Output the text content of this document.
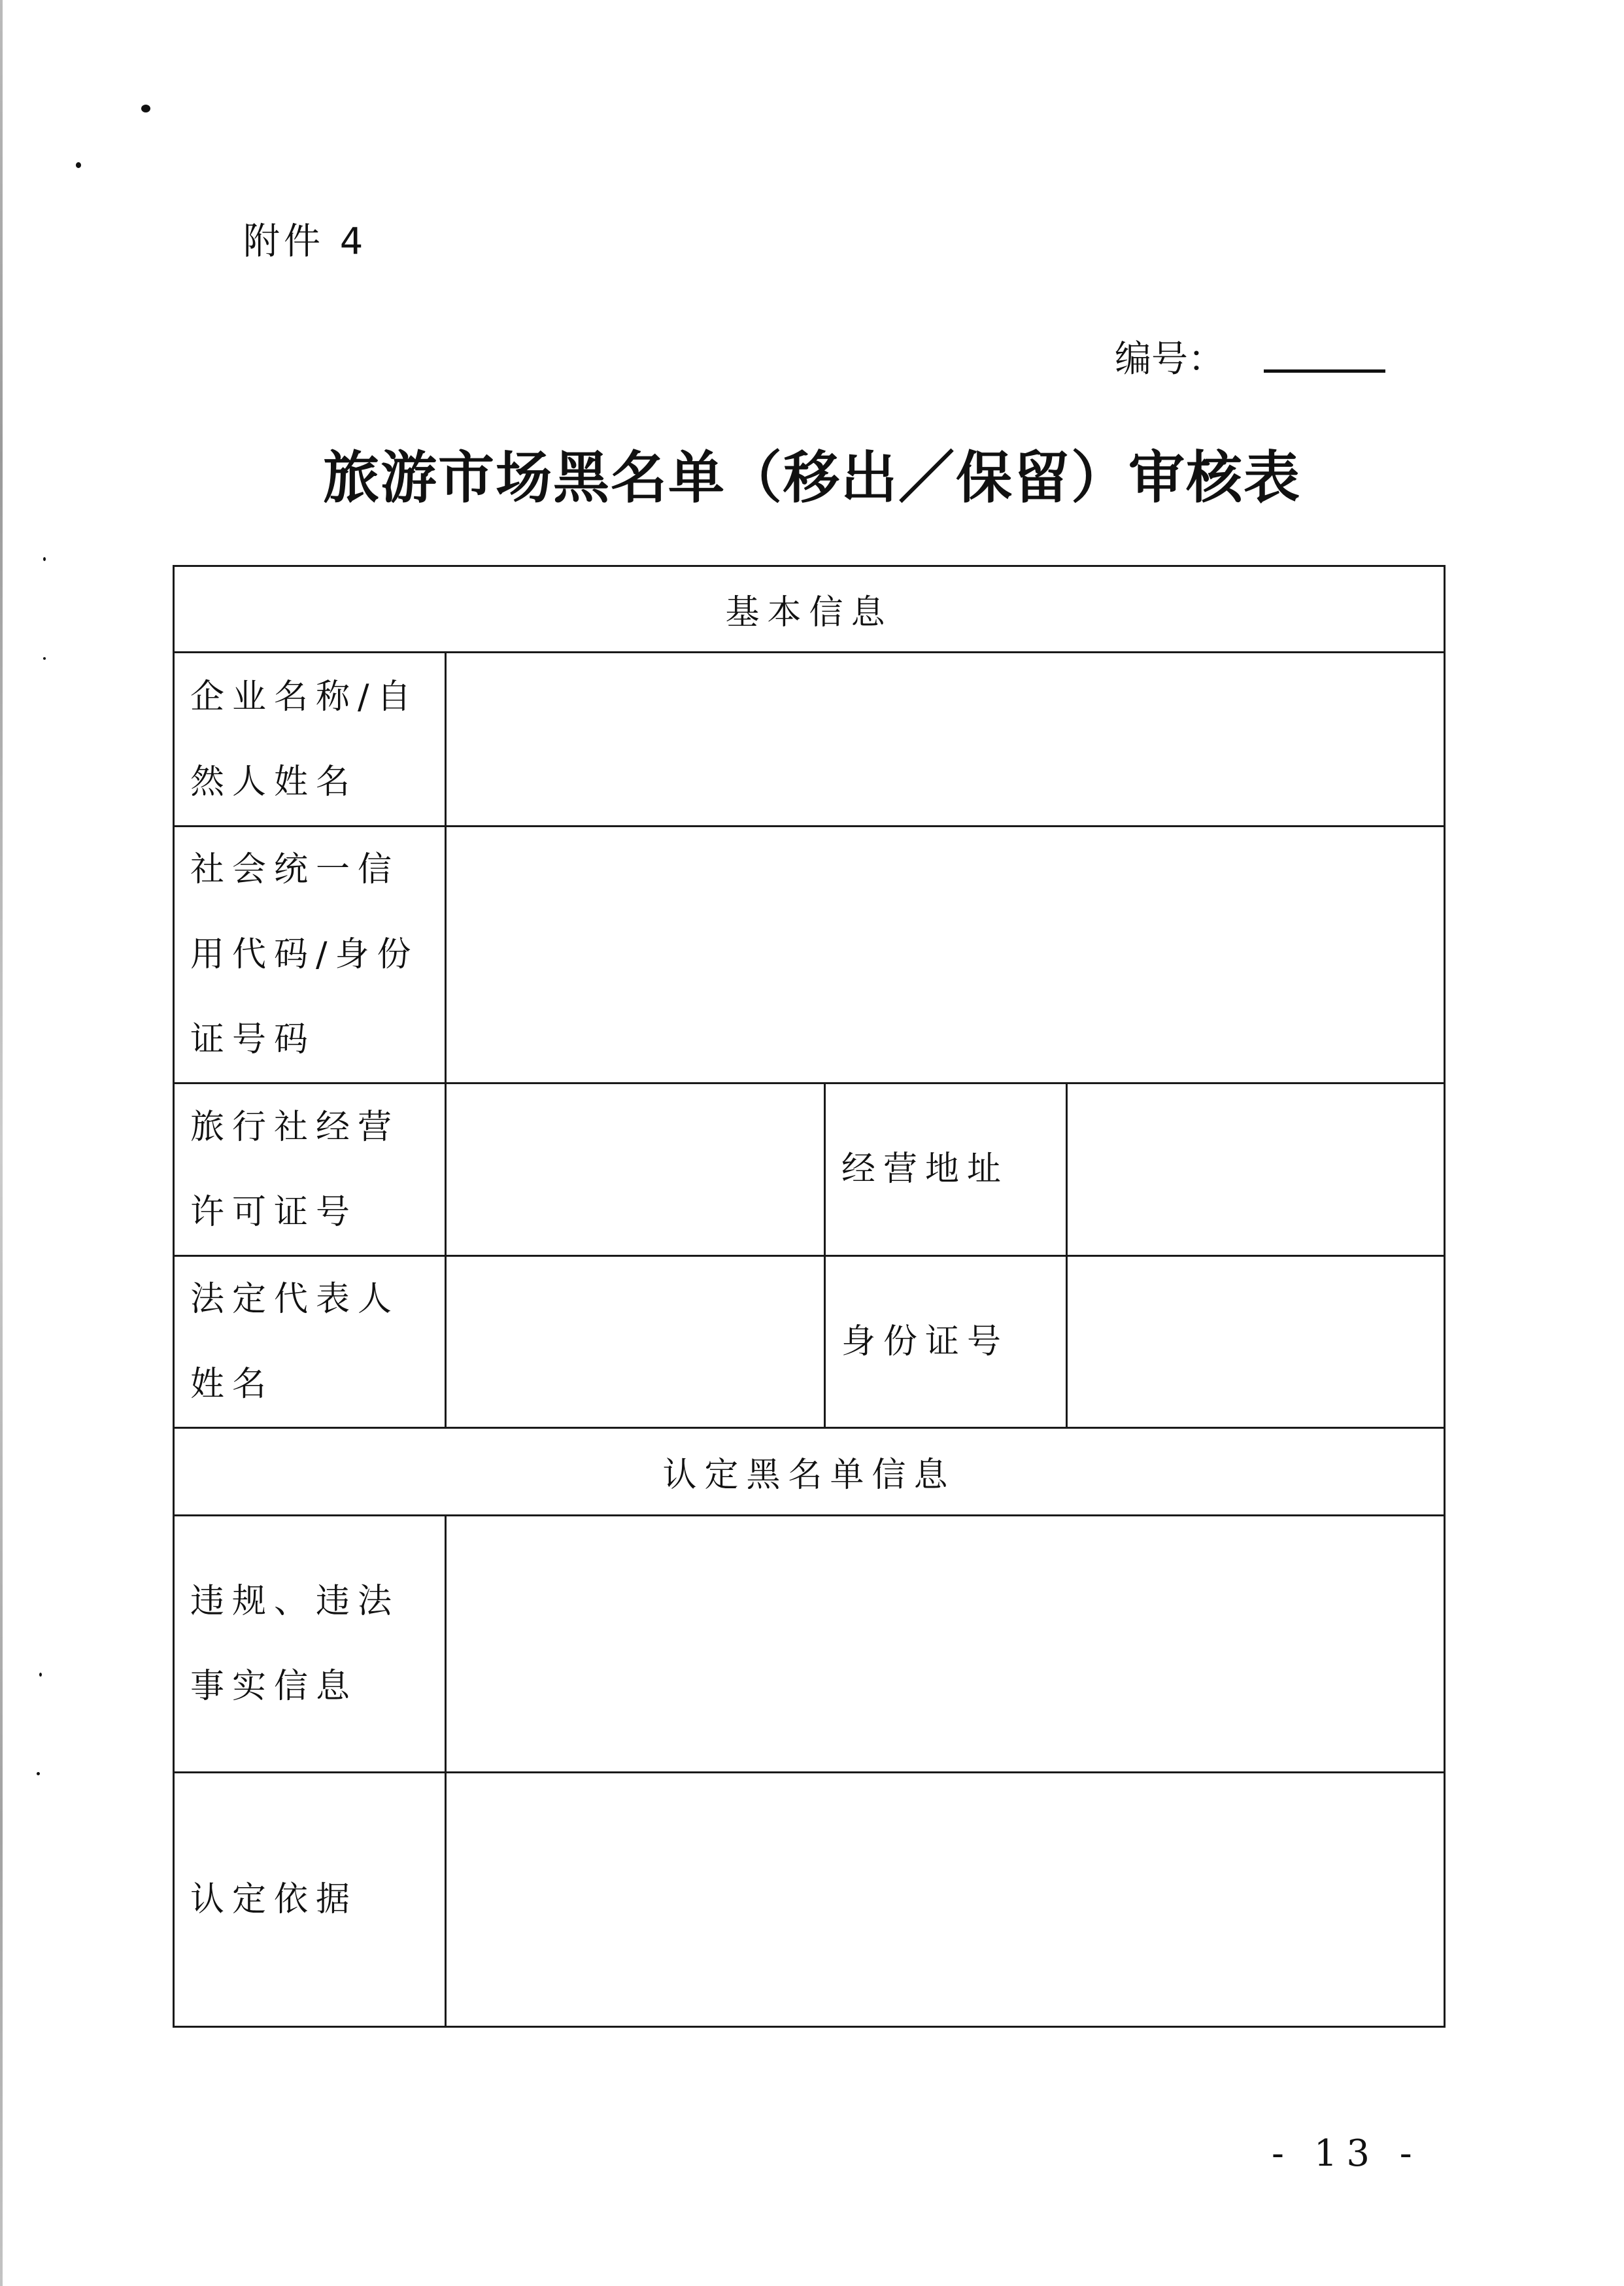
附件 4
编号：
旅游市场黑名单（移出／保留）审核表
基本信息			
企业名称/自然人姓名			
社会统一信用代码/身份证号码			
旅行社经营许可证号		经营地址	
法定代表人姓名		身份证号	
认定黑名单信息			
违规、违法事实信息			
认定依据			
- 13 -
